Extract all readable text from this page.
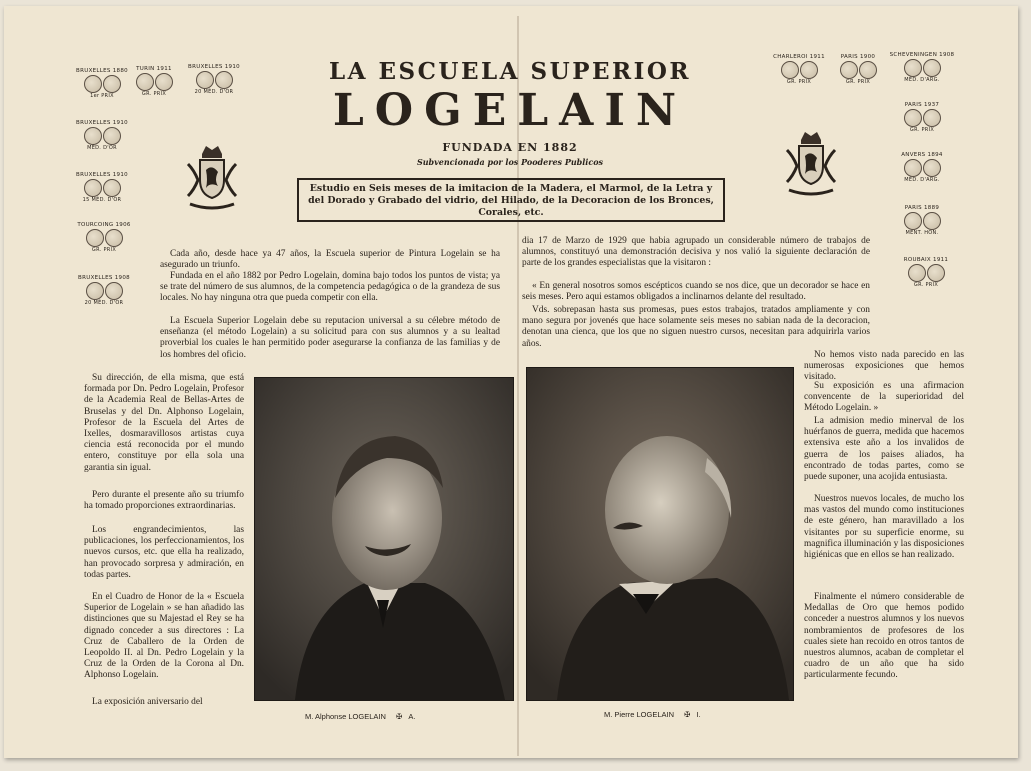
BRUXELLES 1880
1er PRIX
TURIN 1911
GR. PRIX
BRUXELLES 1910
20 MÉD. D'OR
BRUXELLES 1910
MÉD. D'OR
BRUXELLES 1910
15 MÉD. D'OR
TOURCOING 1906
GR. PRIX
BRUXELLES 1908
20 MÉD. D'OR
CHARLEROI 1911
GR. PRIX
PARIS 1900
GR. PRIX
SCHEVENINGEN 1908
MÉD. D'ARG.
PARIS 1937
GR. PRIX
ANVERS 1894
MÉD. D'ARG.
PARIS 1889
MENT. HON.
ROUBAIX 1911
GR. PRIX
LA ESCUELA SUPERIOR
LOGELAIN
FUNDADA EN 1882
Subvencionada por los Pooderes Publicos
Estudio en Seis meses de la imitacion de la Madera, el Marmol, de la Letra y del Dorado y Grabado del vidrio, del Hilado, de la Decoracion de los Bronces, Corales, etc.

Cada año, desde hace ya 47 años, la Escuela superior de Pintura Logelain se ha asegurado un triunfo.

Fundada en el año 1882 por Pedro Logelain, domina bajo todos los puntos de vista; ya se trate del número de sus alumnos, de la competencia pedagógica o de la grandeza de sus locales. No hay ninguna otra que pueda competir con ella.

La Escuela Superior Logelain debe su reputacion universal a su célebre método de enseñanza (el método Logelain) a su solicitud para con sus alumnos y a su lealtad proverbial los cuales le han permitido poder asegurarse la confianza de las familias y de los hombres del oficio.

Su dirección, de ella misma, que está formada por Dn. Pedro Logelain, Profesor de la Academia Real de Bellas-Artes de Bruselas y del Dn. Alphonso Logelain, Profesor de la Escuela del Artes de Ixelles, dosmaravillosos artistas cuya ciencia está reconocida por el mundo entero, constituye por ella sola una garantia sin igual.

Pero durante el presente año su triumfo ha tomado proporciones extraordinarias.

Los engrandecimientos, las publicaciones, los perfeccionamientos, los nuevos cursos, etc. que ella ha realizado, han provocado sorpresa y admiración, en todas partes.

En el Cuadro de Honor de la « Escuela Superior de Logelain » se han añadido las distinciones que su Majestad el Rey se ha dignado conceder a sus directores : La Cruz de Caballero de la Orden de Leopoldo II. al Dn. Pedro Logelain y la Cruz de la Orden de la Corona al Dn. Alphonso Logelain.

La exposición aniversario del

dia 17 de Marzo de 1929 que habia agrupado un considerable número de trabajos de alumnos, constituyó una demonstración decisiva y nos valió la siguiente declaración de parte de los grandes especialistas que la visitaron :

« En general nosotros somos escépticos cuando se nos dice, que un decorador se hace en seis meses. Pero aqui estamos obligados a inclinarnos delante del resultado.

Vds. sobrepasan hasta sus promesas, pues estos trabajos, tratados ampliamente y con mano segura por jovenés que hace solamente seis meses no sabian nada de la decoracion, denotan una cienca, que los que no siguen nuestro cursos, necesitan para adquirirla varios años.

No hemos visto nada parecido en las numerosas exposiciones que hemos visitado.

Su exposición es una afirmacion convencente de la superioridad del Método Logelain. »

La admision medio minerval de los huérfanos de guerra, medida que hacemos extensiva este año a los invalidos de guerra de los paises aliados, ha encontrado de todas partes, como se puede suponer, una acojida entusiasta.

Nuestros nuevos locales, de mucho los mas vastos del mundo como instituciones de este género, han maravillado a los visitantes por su superficie enorme, su magnifica illuminación y las disposiciones higiénicas que en ellos se han realizado.

Finalmente el número considerable de Medallas de Oro que hemos podido conceder a nuestros alumnos y los nuevos nombramientos de profesores de los cuales siete han recoido en otros tantos de nuestros alumnos, acaban de completar el cuadro de un año que ha sido particularmente fecundo.

M. Alphonse LOGELAIN ✠ A.	M. Pierre LOGELAIN ✠ I.
